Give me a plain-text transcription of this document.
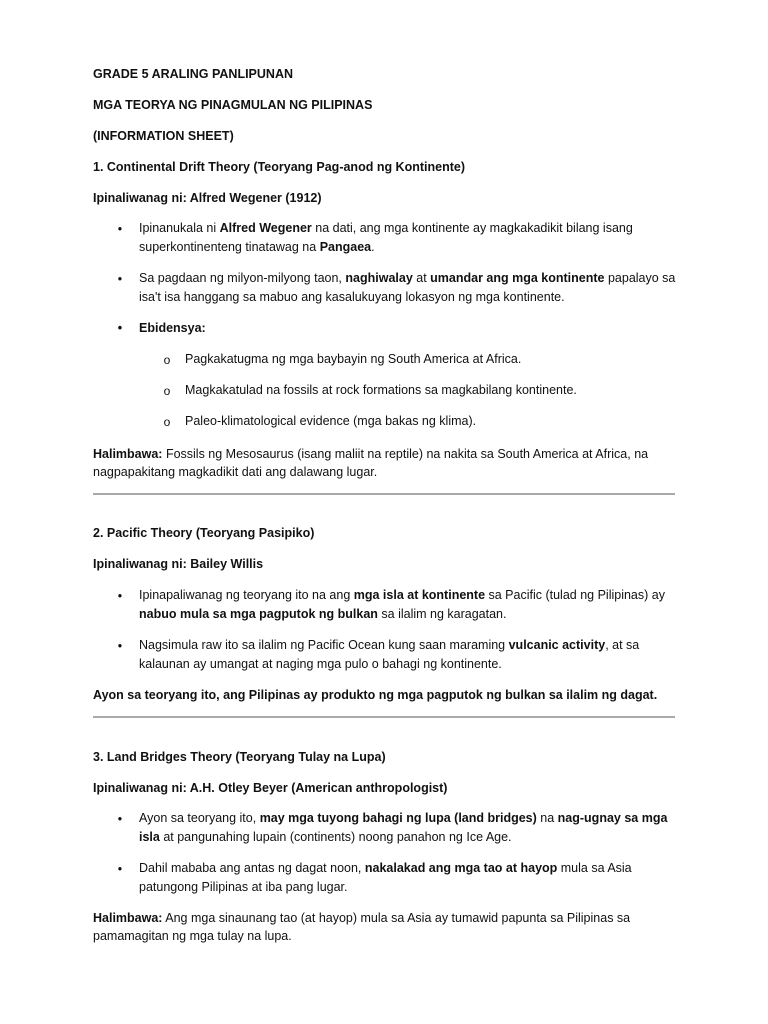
GRADE 5 ARALING PANLIPUNAN
MGA TEORYA NG PINAGMULAN NG PILIPINAS
(INFORMATION SHEET)
1. Continental Drift Theory (Teoryang Pag-anod ng Kontinente)
Ipinaliwanag ni: Alfred Wegener (1912)
• Ipinanukala ni Alfred Wegener na dati, ang mga kontinente ay magkakadikit bilang isang superkontinenteng tinatawag na Pangaea.
• Sa pagdaan ng milyon-milyong taon, naghiwalay at umandar ang mga kontinente papalayo sa isa't isa hanggang sa mabuo ang kasalukuyang lokasyon ng mga kontinente.
• Ebidensya:
o Pagkakatugma ng mga baybayin ng South America at Africa.
o Magkakatulad na fossils at rock formations sa magkabilang kontinente.
o Paleo-klimatological evidence (mga bakas ng klima).
Halimbawa: Fossils ng Mesosaurus (isang maliit na reptile) na nakita sa South America at Africa, na nagpapakitang magkadikit dati ang dalawang lugar.
2. Pacific Theory (Teoryang Pasipiko)
Ipinaliwanag ni: Bailey Willis
• Ipinapaliwanag ng teoryang ito na ang mga isla at kontinente sa Pacific (tulad ng Pilipinas) ay nabuo mula sa mga pagputok ng bulkan sa ilalim ng karagatan.
• Nagsimula raw ito sa ilalim ng Pacific Ocean kung saan maraming vulcanic activity, at sa kalaunan ay umangat at naging mga pulo o bahagi ng kontinente.
Ayon sa teoryang ito, ang Pilipinas ay produkto ng mga pagputok ng bulkan sa ilalim ng dagat.
3. Land Bridges Theory (Teoryang Tulay na Lupa)
Ipinaliwanag ni: A.H. Otley Beyer (American anthropologist)
• Ayon sa teoryang ito, may mga tuyong bahagi ng lupa (land bridges) na nag-ugnay sa mga isla at pangunahing lupain (continents) noong panahon ng Ice Age.
• Dahil mababa ang antas ng dagat noon, nakalakad ang mga tao at hayop mula sa Asia patungong Pilipinas at iba pang lugar.
Halimbawa: Ang mga sinaunang tao (at hayop) mula sa Asia ay tumawid papunta sa Pilipinas sa pamamagitan ng mga tulay na lupa.
